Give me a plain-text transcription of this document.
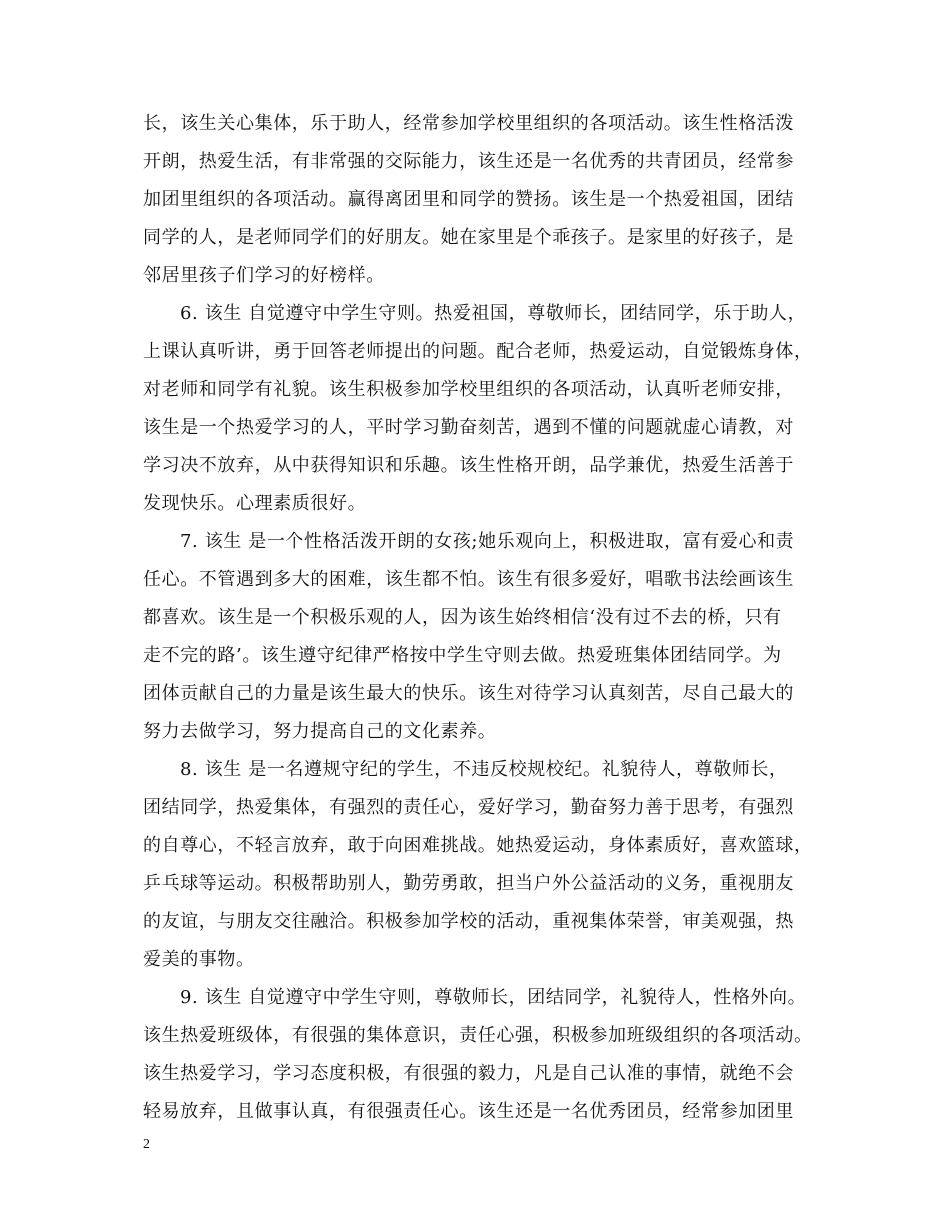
长，该生关心集体，乐于助人，经常参加学校里组织的各项活动。该生性格活泼
开朗，热爱生活，有非常强的交际能力，该生还是一名优秀的共青团员，经常参
加团里组织的各项活动。赢得离团里和同学的赞扬。该生是一个热爱祖国，团结
同学的人，是老师同学们的好朋友。她在家里是个乖孩子。是家里的好孩子，是
邻居里孩子们学习的好榜样。
6. 该生 自觉遵守中学生守则。热爱祖国，尊敬师长，团结同学，乐于助人，
上课认真听讲，勇于回答老师提出的问题。配合老师，热爱运动，自觉锻炼身体，
对老师和同学有礼貌。该生积极参加学校里组织的各项活动，认真听老师安排，
该生是一个热爱学习的人，平时学习勤奋刻苦，遇到不懂的问题就虚心请教，对
学习决不放弃，从中获得知识和乐趣。该生性格开朗，品学兼优，热爱生活善于
发现快乐。心理素质很好。
7. 该生 是一个性格活泼开朗的女孩;她乐观向上，积极进取，富有爱心和责
任心。不管遇到多大的困难，该生都不怕。该生有很多爱好，唱歌书法绘画该生
都喜欢。该生是一个积极乐观的人，因为该生始终相信‘没有过不去的桥，只有
走不完的路’。该生遵守纪律严格按中学生守则去做。热爱班集体团结同学。为
团体贡献自己的力量是该生最大的快乐。该生对待学习认真刻苦，尽自己最大的
努力去做学习，努力提高自己的文化素养。
8. 该生 是一名遵规守纪的学生，不违反校规校纪。礼貌待人，尊敬师长，
团结同学，热爱集体，有强烈的责任心，爱好学习，勤奋努力善于思考，有强烈
的自尊心，不轻言放弃，敢于向困难挑战。她热爱运动，身体素质好，喜欢篮球，
乒乓球等运动。积极帮助别人，勤劳勇敢，担当户外公益活动的义务，重视朋友
的友谊，与朋友交往融洽。积极参加学校的活动，重视集体荣誉，审美观强，热
爱美的事物。
9. 该生 自觉遵守中学生守则，尊敬师长，团结同学，礼貌待人，性格外向。
该生热爱班级体，有很强的集体意识，责任心强，积极参加班级组织的各项活动。
该生热爱学习，学习态度积极，有很强的毅力，凡是自己认准的事情，就绝不会
轻易放弃，且做事认真，有很强责任心。该生还是一名优秀团员，经常参加团里
2
